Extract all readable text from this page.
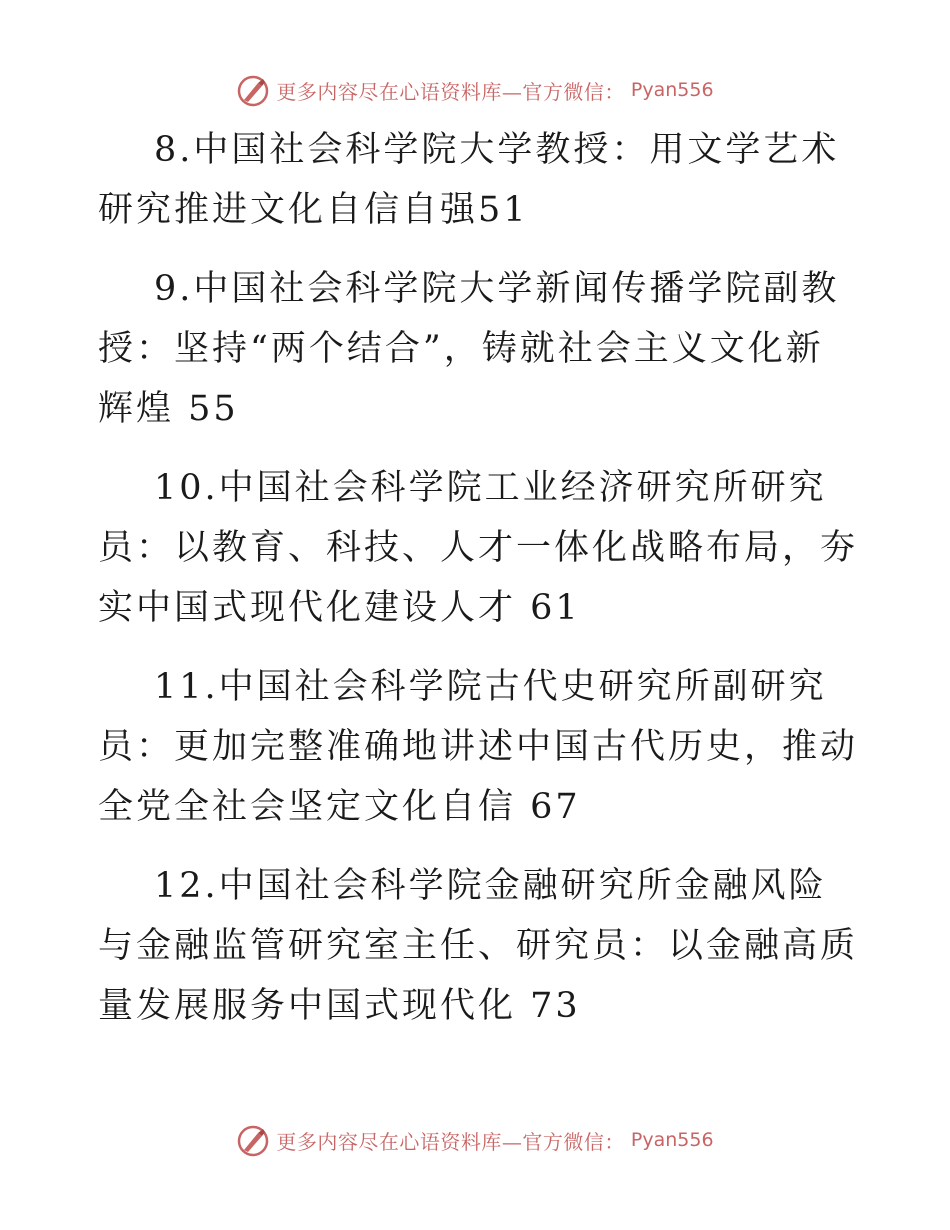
更多内容尽在心语资料库—官方微信： Pyan556

8.中国社会科学院大学教授：用文学艺术研究推进文化自信自强51

9.中国社会科学院大学新闻传播学院副教授：坚持“两个结合”，铸就社会主义文化新辉煌 55

10.中国社会科学院工业经济研究所研究员：以教育、科技、人才一体化战略布局，夯实中国式现代化建设人才 61

11.中国社会科学院古代史研究所副研究员：更加完整准确地讲述中国古代历史，推动全党全社会坚定文化自信 67

12.中国社会科学院金融研究所金融风险与金融监管研究室主任、研究员：以金融高质量发展服务中国式现代化 73

更多内容尽在心语资料库—官方微信： Pyan556
